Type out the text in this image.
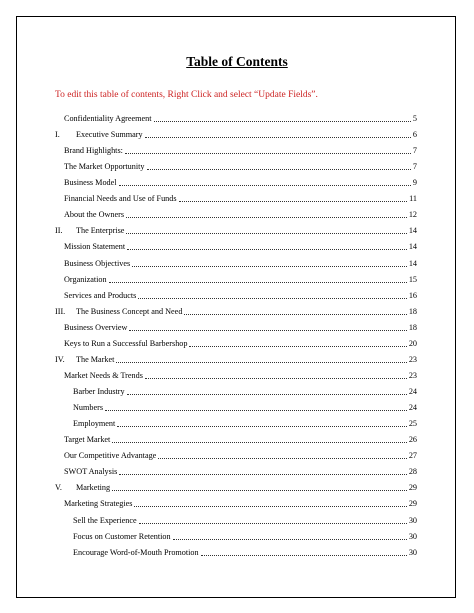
Table of Contents
To edit this table of contents, Right Click and select “Update Fields”.
Confidentiality Agreement	5
I.	Executive Summary	6
Brand Highlights:	7
The Market Opportunity	7
Business Model	9
Financial Needs and Use of Funds	11
About the Owners	12
II.	The Enterprise	14
Mission Statement	14
Business Objectives	14
Organization	15
Services and Products	16
III.	The Business Concept and Need	18
Business Overview	18
Keys to Run a Successful Barbershop	20
IV.	The Market	23
Market Needs & Trends	23
Barber Industry	24
Numbers	24
Employment	25
Target Market	26
Our Competitive Advantage	27
SWOT Analysis	28
V.	Marketing	29
Marketing Strategies	29
Sell the Experience	30
Focus on Customer Retention	30
Encourage Word-of-Mouth Promotion	30
